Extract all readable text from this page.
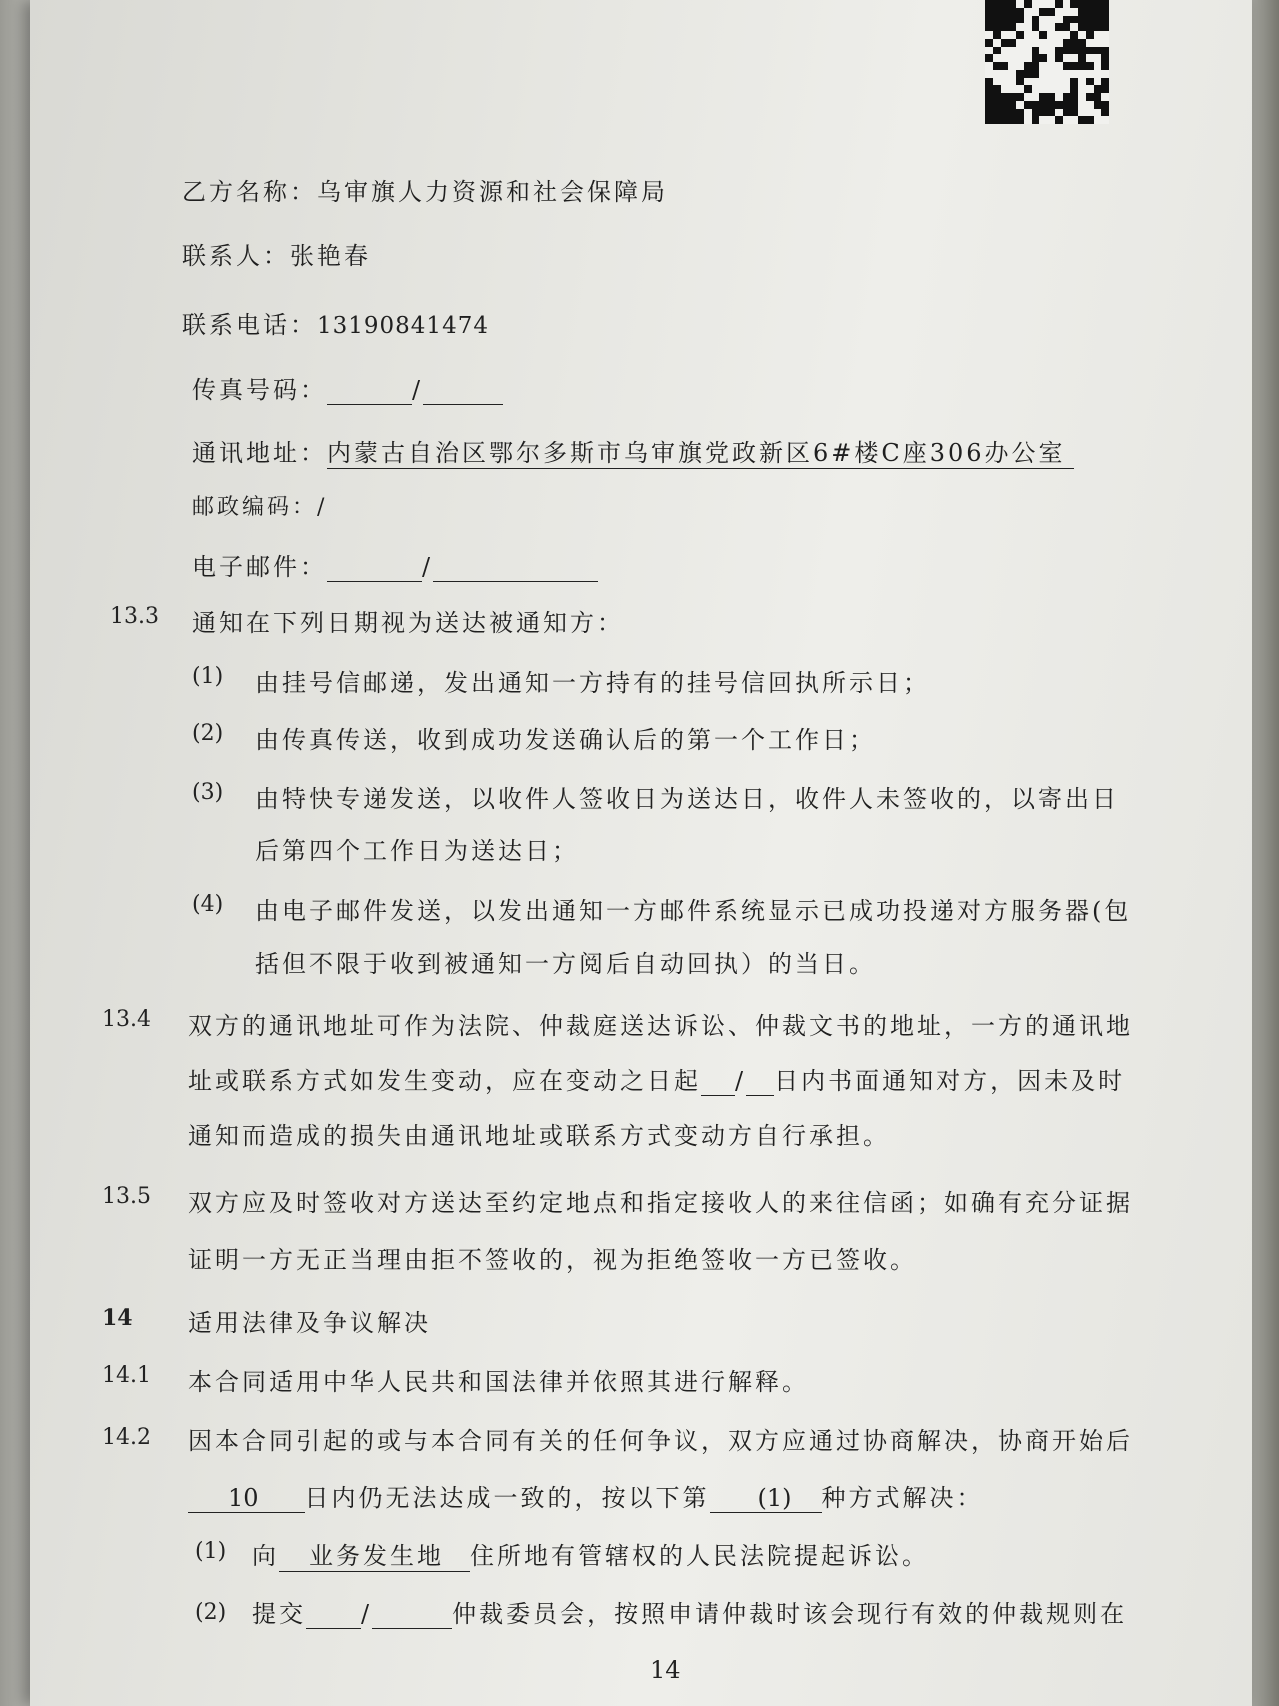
乙方名称：乌审旗人力资源和社会保障局
联系人：张艳春
联系电话：13190841474
传真号码：	/
通讯地址：内蒙古自治区鄂尔多斯市乌审旗党政新区6#楼C座306办公室
邮政编码：/
电子邮件：	/
13.3 通知在下列日期视为送达被通知方：
(1) 由挂号信邮递，发出通知一方持有的挂号信回执所示日；
(2) 由传真传送，收到成功发送确认后的第一个工作日；
(3) 由特快专递发送，以收件人签收日为送达日，收件人未签收的，以寄出日
后第四个工作日为送达日；
(4) 由电子邮件发送，以发出通知一方邮件系统显示已成功投递对方服务器(包
括但不限于收到被通知一方阅后自动回执）的当日。
13.4 双方的通讯地址可作为法院、仲裁庭送达诉讼、仲裁文书的地址，一方的通讯地
址或联系方式如发生变动，应在变动之日起 / 日内书面通知对方，因未及时
通知而造成的损失由通讯地址或联系方式变动方自行承担。
13.5 双方应及时签收对方送达至约定地点和指定接收人的来往信函；如确有充分证据
证明一方无正当理由拒不签收的，视为拒绝签收一方已签收。
14 适用法律及争议解决
14.1 本合同适用中华人民共和国法律并依照其进行解释。
14.2 因本合同引起的或与本合同有关的任何争议，双方应通过协商解决，协商开始后
10 日内仍无法达成一致的，按以下第 (1) 种方式解决：
(1) 向 业务发生地 住所地有管辖权的人民法院提起诉讼。
(2) 提交 /	仲裁委员会，按照申请仲裁时该会现行有效的仲裁规则在
14
